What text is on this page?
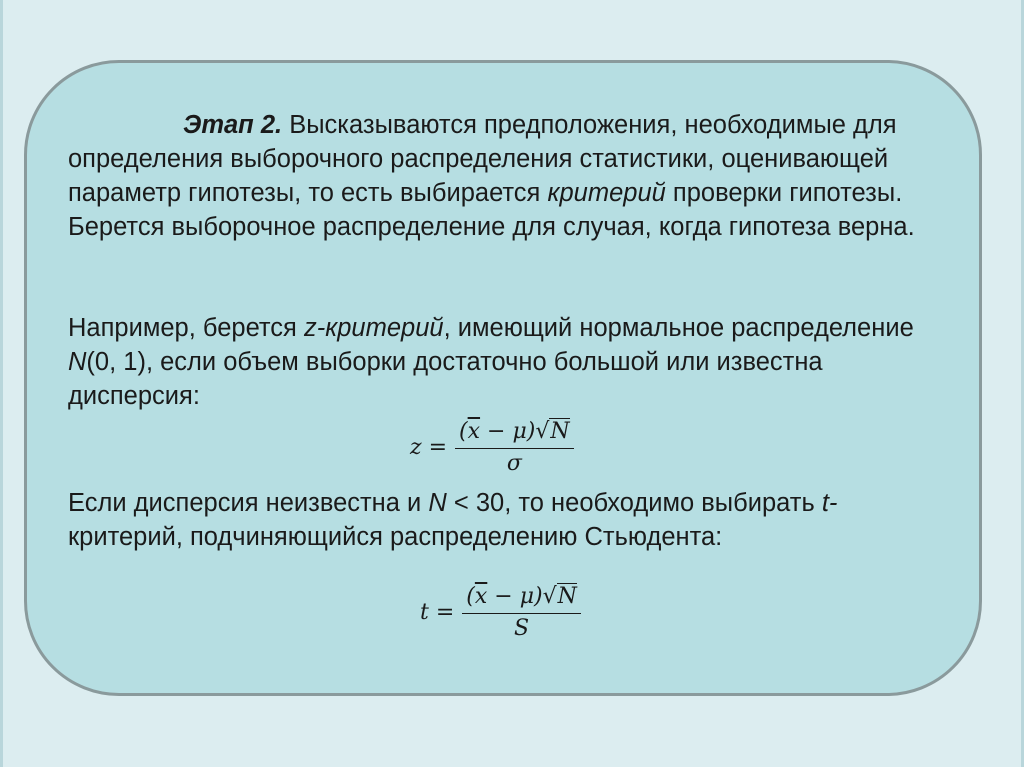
Этап 2. Высказываются предположения, необходимые для определения выборочного распределения статистики, оценивающей параметр гипотезы, то есть выбирается критерий проверки гипотезы. Берется выборочное распределение для случая, когда гипотеза верна.

Например, берется z-критерий, имеющий нормальное распределение N(0, 1), если объем выборки достаточно большой или известна дисперсия:

$z = \frac{(\overline{x} - \mu)√N}{\sigma}$

Если дисперсия неизвестна и N < 30, то необходимо выбирать t- критерий, подчиняющийся распределению Стьюдента:

$t = \frac{(\overline{x} - \mu)√N}{S}$
